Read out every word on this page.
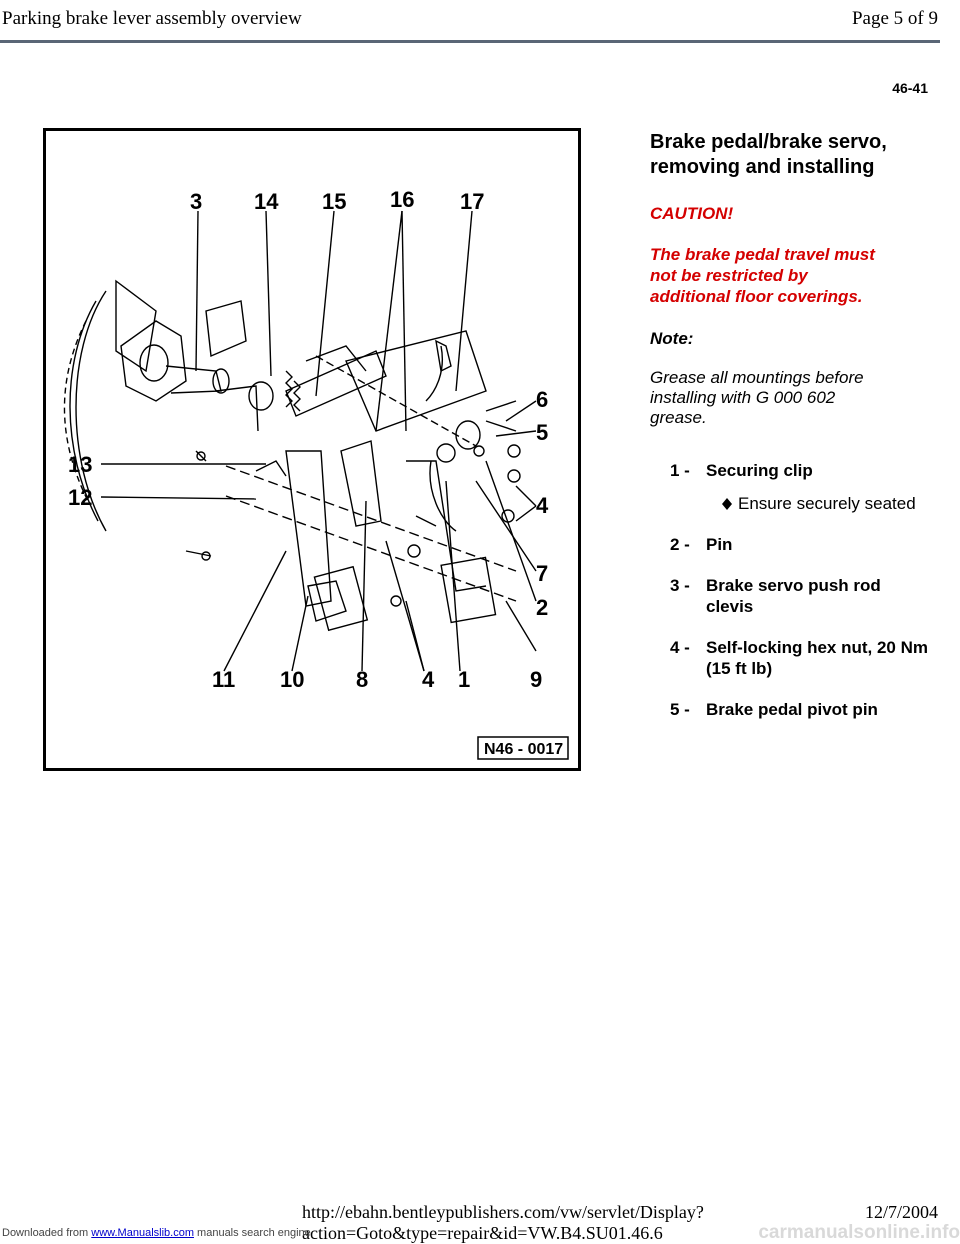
Parking brake lever assembly overview	Page 5 of 9
46-41
3 14 15 16 17
6
5
4
7
2
9
1
4
8
10
11
13
12
N46 - 0017
Brake pedal/brake servo,
removing and installing
CAUTION!
The brake pedal travel must
not be restricted by
additional floor coverings.
Note:
Grease all mountings before
installing with G 000 602
grease.
1 - Securing clip
Ensure securely seated
2 - Pin
3 - Brake servo push rod clevis
4 - Self-locking hex nut, 20 Nm (15 ft lb)
5 - Brake pedal pivot pin
http://ebahn.bentleypublishers.com/vw/servlet/Display?action=Goto&type=repair&id=VW.B4.SU01.46.6
12/7/2004
Downloaded from www.Manualslib.com manuals search engine	carmanualsonline.info
